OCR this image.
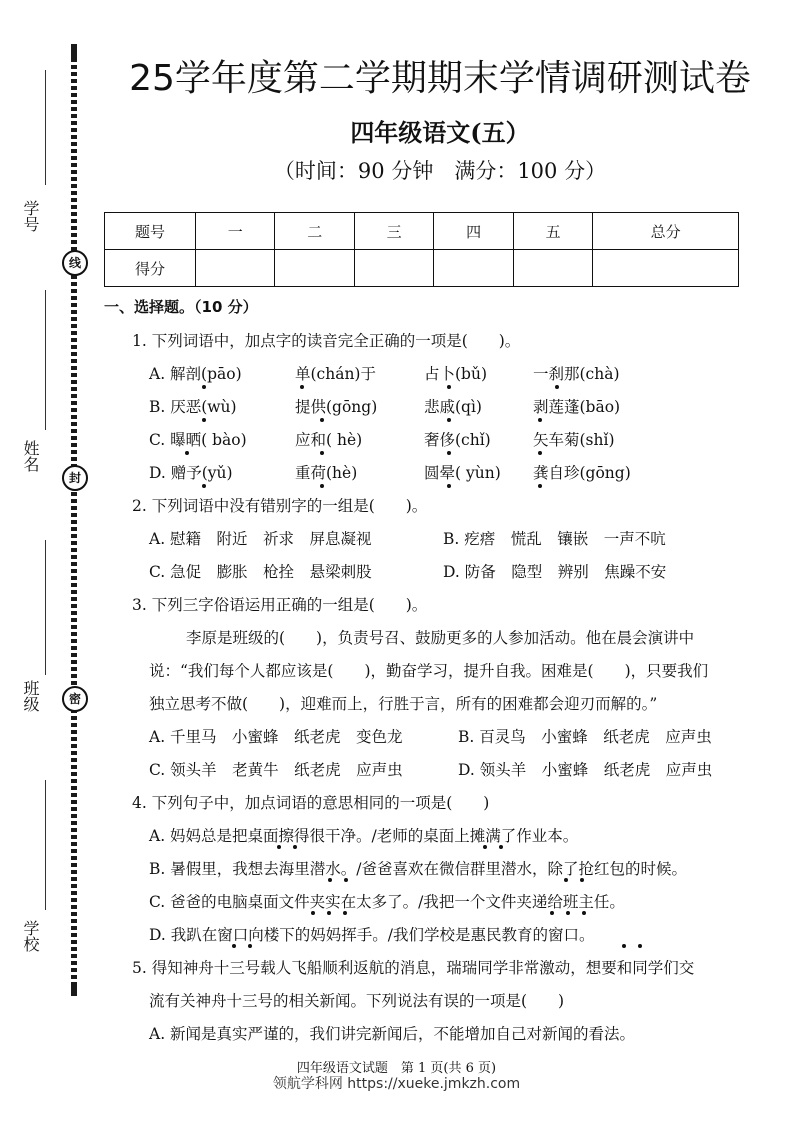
线
封
密
学号
姓名
班级
学校
25学年度第二学期期末学情调研测试卷
四年级语文(五）
（时间：90 分钟　满分：100 分）
题号	一	二	三	四	五	总分
得分						
一、选择题。（10 分）
1. 下列词语中，加点字的读音完全正确的一项是(　　)。
A. 解剖(pāo)	单(chán)于	占卜(bǔ)	一刹那(chà)
B. 厌恶(wù)	提供(gōng)	悲戚(qì)	剥莲蓬(bāo)
C. 曝晒( bào)	应和( hè)	奢侈(chǐ)	矢车菊(shǐ)
D. 赠予(yǔ)	重荷(hè)	圆晕( yùn) 龚自珍(gōng)
2. 下列词语中没有错别字的一组是(　　)。
A. 慰籍　附近　祈求　屏息凝视	B. 疙瘩　慌乱　镶嵌　一声不吭
C. 急促　膨胀　枪拴　悬梁刺股	D. 防备　隐型　辨别　焦躁不安
3. 下列三字俗语运用正确的一组是(　　)。
李原是班级的(　　)，负责号召、鼓励更多的人参加活动。他在晨会演讲中
说：“我们每个人都应该是(　　)，勤奋学习，提升自我。困难是(　　)，只要我们
独立思考不做(　　)，迎难而上，行胜于言，所有的困难都会迎刃而解的。”
A. 千里马　小蜜蜂　纸老虎　变色龙	B. 百灵鸟　小蜜蜂　纸老虎　应声虫
C. 领头羊　老黄牛　纸老虎　应声虫	D. 领头羊　小蜜蜂　纸老虎　应声虫
4. 下列句子中，加点词语的意思相同的一项是(　　)
A. 妈妈总是把桌面擦得很干净。/老师的桌面上摊满了作业本。
B. 暑假里，我想去海里潜水。/爸爸喜欢在微信群里潜水，除了抢红包的时候。
C. 爸爸的电脑桌面文件夹实在太多了。/我把一个文件夹递给班主任。
D. 我趴在窗口向楼下的妈妈挥手。/我们学校是惠民教育的窗口。
5. 得知神舟十三号载人飞船顺利返航的消息，瑞瑞同学非常激动，想要和同学们交
流有关神舟十三号的相关新闻。下列说法有误的一项是(　　)
A. 新闻是真实严谨的，我们讲完新闻后，不能增加自己对新闻的看法。
四年级语文试题　第 1 页(共 6 页)
领航学科网 https://xueke.jmkzh.com
